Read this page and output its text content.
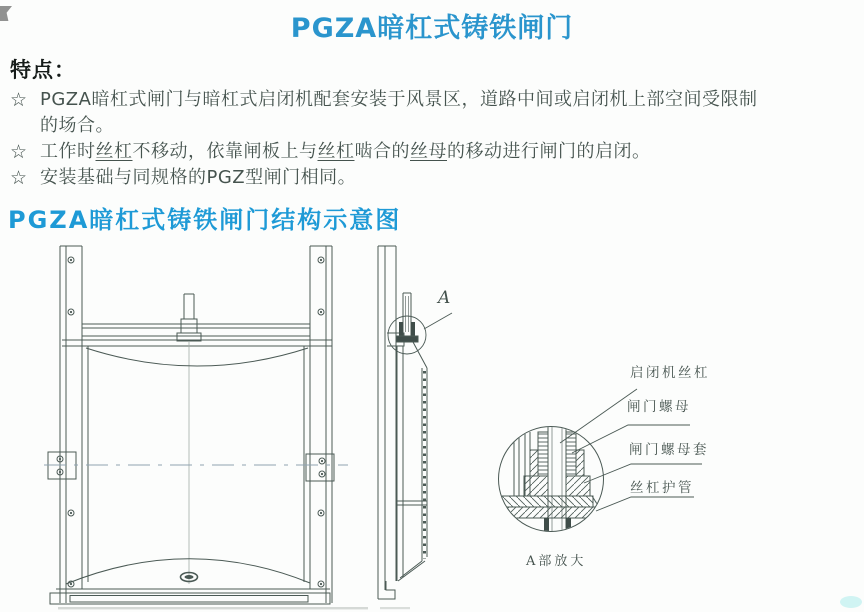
PGZA暗杠式铸铁闸门
特点：
☆ PGZA暗杠式闸门与暗杠式启闭机配套安装于风景区，道路中间或启闭机上部空间受限制
的场合。
☆ 工作时丝杠不移动，依靠闸板上与丝杠啮合的丝母的移动进行闸门的启闭。
☆ 安装基础与同规格的PGZ型闸门相同。
PGZA暗杠式铸铁闸门结构示意图
A
启闭机丝杠
闸门螺母
闸门螺母套
丝杠护管
A部放大
